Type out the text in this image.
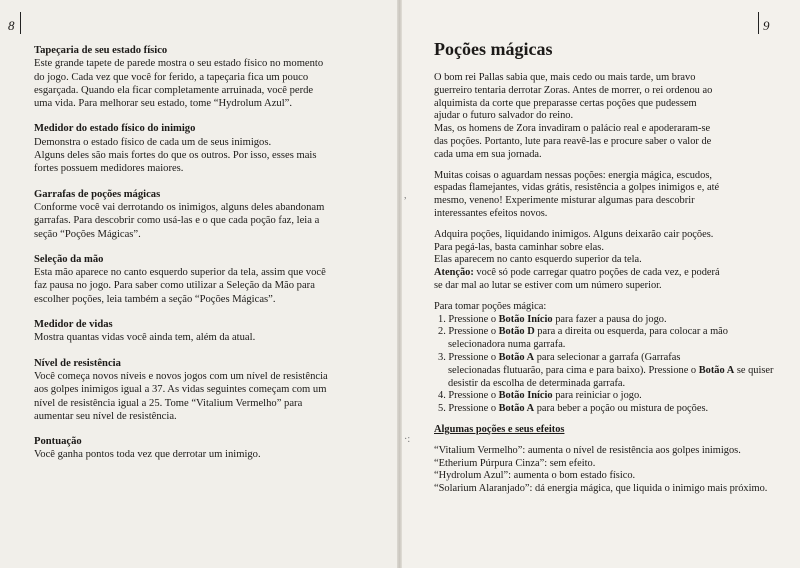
8	9
,
·:
Tapeçaria de seu estado físico

Este grande tapete de parede mostra o seu estado físico no momento
do jogo. Cada vez que você for ferido, a tapeçaria fica um pouco
esgarçada. Quando ela ficar completamente arruinada, você perde
uma vida. Para melhorar seu estado, tome “Hydrolum Azul”.

Medidor do estado físico do inimigo

Demonstra o estado físico de cada um de seus inimigos.
Alguns deles são mais fortes do que os outros. Por isso, esses mais
fortes possuem medidores maiores.

Garrafas de poções mágicas

Conforme você vai derrotando os inimigos, alguns deles abandonam
garrafas. Para descobrir como usá-las e o que cada poção faz, leia a
seção “Poções Mágicas”.

Seleção da mão

Esta mão aparece no canto esquerdo superior da tela, assim que você
faz pausa no jogo. Para saber como utilizar a Seleção da Mão para
escolher poções, leia também a seção “Poções Mágicas”.

Medidor de vidas

Mostra quantas vidas você ainda tem, além da atual.

Nível de resistência

Você começa novos níveis e novos jogos com um nível de resistência
aos golpes inimigos igual a 37. As vidas seguintes começam com um
nível de resistência igual a 25. Tome “Vitalium Vermelho” para
aumentar seu nível de resistência.

Pontuação

Você ganha pontos toda vez que derrotar um inimigo.

Poções mágicas

O bom rei Pallas sabia que, mais cedo ou mais tarde, um bravo
guerreiro tentaria derrotar Zoras. Antes de morrer, o rei ordenou ao
alquimista da corte que preparasse certas poções que pudessem
ajudar o futuro salvador do reino.

Mas, os homens de Zora invadiram o palácio real e apoderaram-se
das poções. Portanto, lute para reavê-las e procure saber o valor de
cada uma em sua jornada.

Muitas coisas o aguardam nessas poções: energia mágica, escudos,
espadas flamejantes, vidas grátis, resistência a golpes inimigos e, até
mesmo, veneno! Experimente misturar algumas para descobrir
interessantes efeitos novos.

Adquira poções, liquidando inimigos. Alguns deixarão cair poções.
Para pegá-las, basta caminhar sobre elas.
Elas aparecem no canto esquerdo superior da tela.
Atenção: você só pode carregar quatro poções de cada vez, e poderá
se dar mal ao lutar se estiver com um número superior.

Para tomar poções mágica:

1. Pressione o Botão Início para fazer a pausa do jogo.
2. Pressione o Botão D para a direita ou esquerda, para colocar a mão
selecionadora numa garrafa.
3. Pressione o Botão A para selecionar a garrafa (Garrafas
selecionadas flutuarão, para cima e para baixo). Pressione o Botão A se quiser desistir da escolha de determinada garrafa.
4. Pressione o Botão Início para reiniciar o jogo.
5. Pressione o Botão A para beber a poção ou mistura de poções.

Algumas poções e seus efeitos

“Vitalium Vermelho”: aumenta o nível de resistência aos golpes inimigos.
“Etherium Púrpura Cinza”: sem efeito.
“Hydrolum Azul”: aumenta o bom estado físico.
“Solarium Alaranjado”: dá energia mágica, que liquida o inimigo mais próximo.
